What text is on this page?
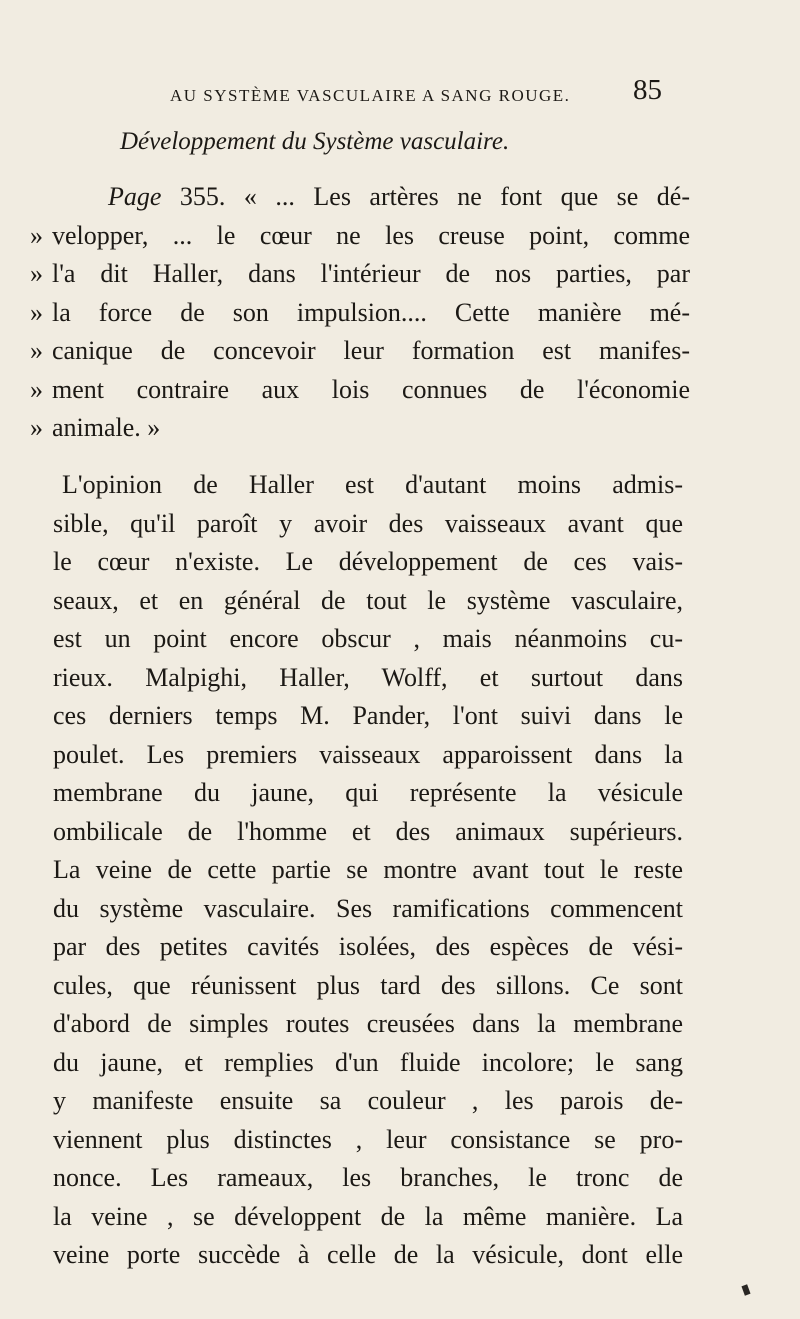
AU SYSTÈME VASCULAIRE A SANG ROUGE.	85
Développement du Système vasculaire.
Page 355. « ... Les artères ne font que se dé-
» velopper, ... le cœur ne les creuse point, comme
» l'a dit Haller, dans l'intérieur de nos parties, par
» la force de son impulsion.... Cette manière mé-
» canique de concevoir leur formation est manifes-
» ment contraire aux lois connues de l'économie
» animale. »
L'opinion de Haller est d'autant moins admis-
sible, qu'il paroît y avoir des vaisseaux avant que
le cœur n'existe. Le développement de ces vais-
seaux, et en général de tout le système vasculaire,
est un point encore obscur , mais néanmoins cu-
rieux. Malpighi, Haller, Wolff, et surtout dans
ces derniers temps M. Pander, l'ont suivi dans le
poulet. Les premiers vaisseaux apparoissent dans la
membrane du jaune, qui représente la vésicule
ombilicale de l'homme et des animaux supérieurs.
La veine de cette partie se montre avant tout le reste
du système vasculaire. Ses ramifications commencent
par des petites cavités isolées, des espèces de vési-
cules, que réunissent plus tard des sillons. Ce sont
d'abord de simples routes creusées dans la membrane
du jaune, et remplies d'un fluide incolore; le sang
y manifeste ensuite sa couleur , les parois de-
viennent plus distinctes , leur consistance se pro-
nonce. Les rameaux, les branches, le tronc de
la veine , se développent de la même manière. La
veine porte succède à celle de la vésicule, dont elle
